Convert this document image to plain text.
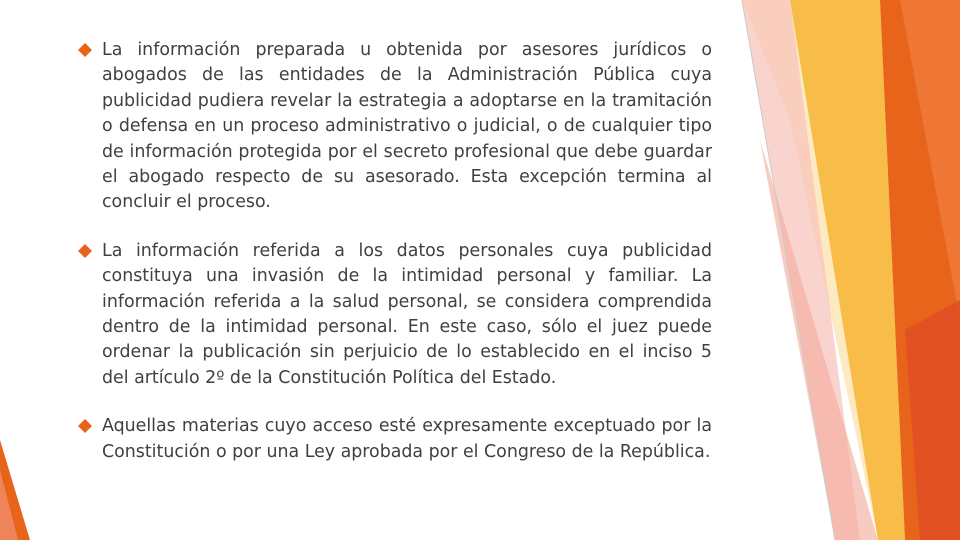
La información preparada u obtenida por asesores jurídicos o abogados de las entidades de la Administración Pública cuya publicidad pudiera revelar la estrategia a adoptarse en la tramitación o defensa en un proceso administrativo o judicial, o de cualquier tipo de información protegida por el secreto profesional que debe guardar el abogado respecto de su asesorado. Esta excepción termina al concluir el proceso.
La información referida a los datos personales cuya publicidad constituya una invasión de la intimidad personal y familiar. La información referida a la salud personal, se considera comprendida dentro de la intimidad personal. En este caso, sólo el juez puede ordenar la publicación sin perjuicio de lo establecido en el inciso 5 del artículo 2º de la Constitución Política del Estado.
Aquellas materias cuyo acceso esté expresamente exceptuado por la Constitución o por una Ley aprobada por el Congreso de la República.
